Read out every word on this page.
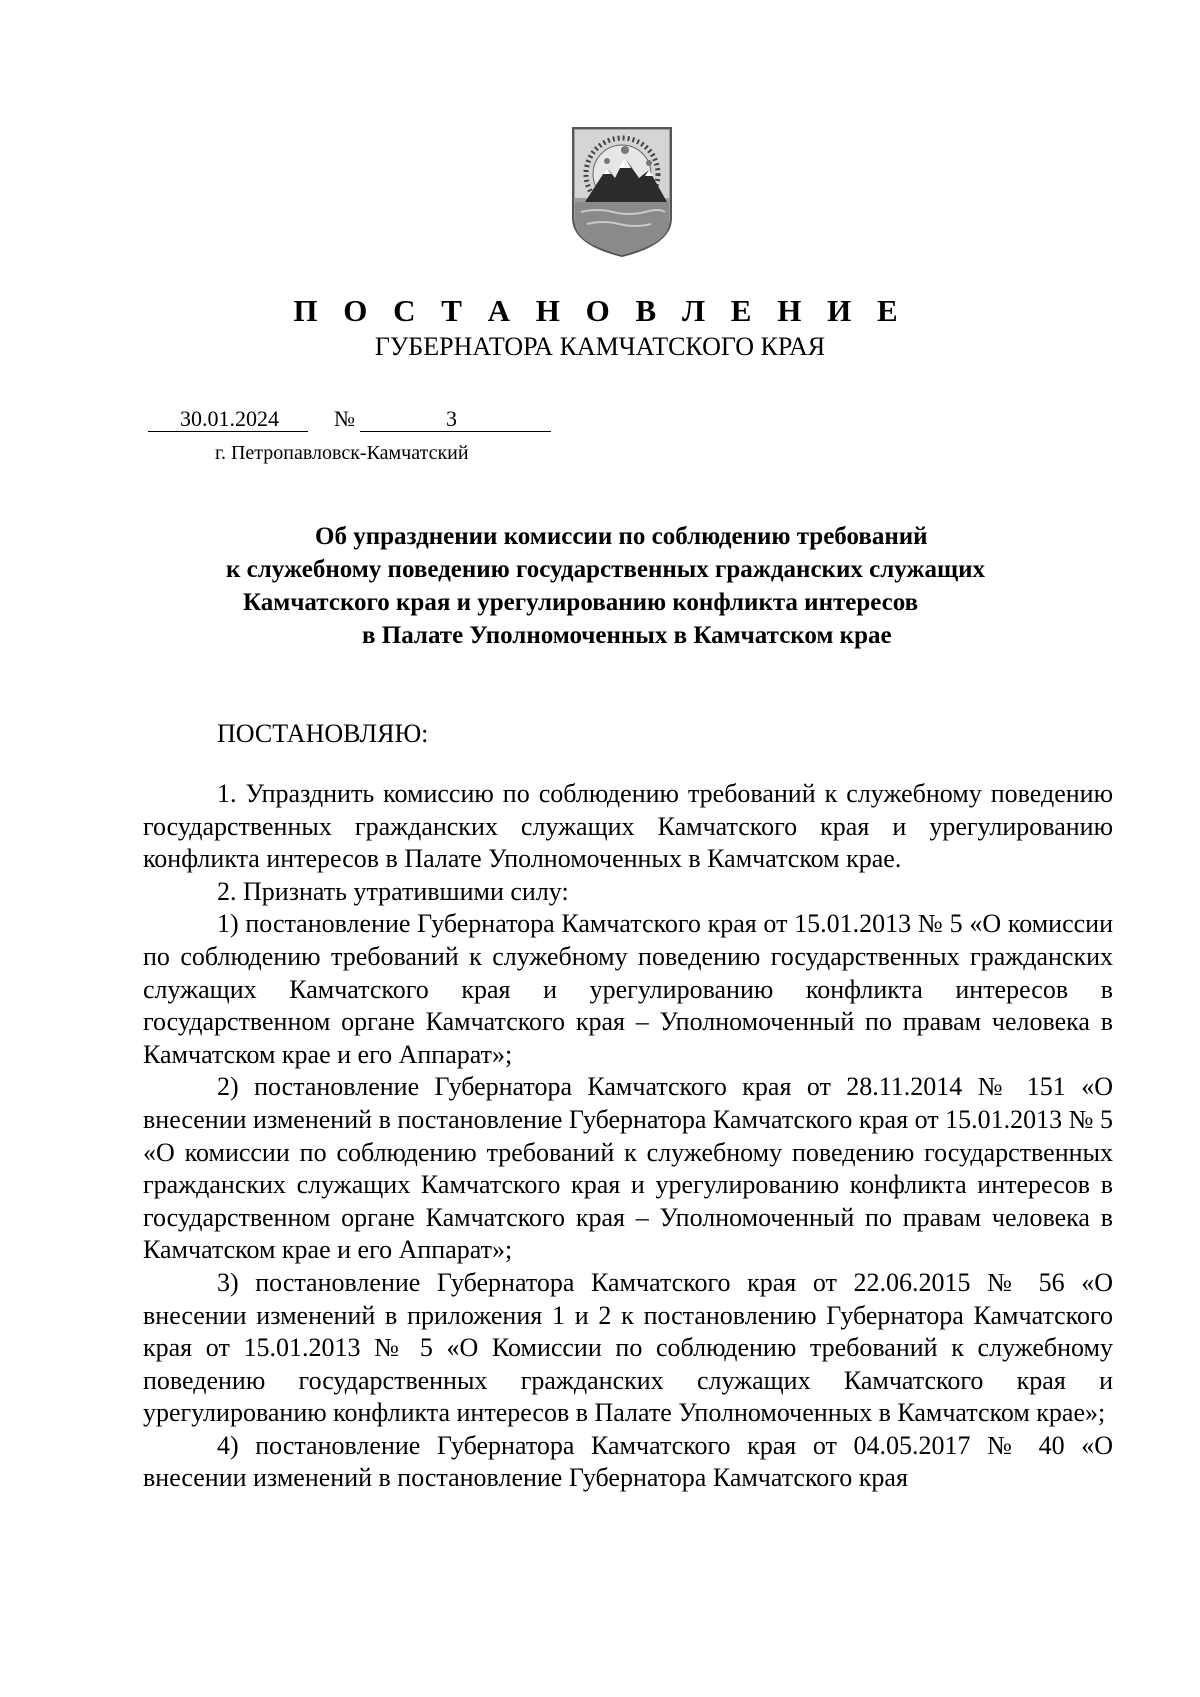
П О С Т А Н О В Л Е Н И Е
ГУБЕРНАТОРА КАМЧАТСКОГО КРАЯ
30.01.2024	№	3
г. Петропавловск-Камчатский
Об упразднении комиссии по соблюдению требований
к служебному поведению государственных гражданских служащих
Камчатского края и урегулированию конфликта интересов
в Палате Уполномоченных в Камчатском крае
ПОСТАНОВЛЯЮ:

1. Упразднить комиссию по соблюдению требований к служебному поведению государственных гражданских служащих Камчатского края и урегулированию конфликта интересов в Палате Уполномоченных в Камчатском крае.

2. Признать утратившими силу:

1) постановление Губернатора Камчатского края от 15.01.2013 № 5 «О комиссии по соблюдению требований к служебному поведению государственных гражданских служащих Камчатского края и урегулированию конфликта интересов в государственном органе Камчатского края – Уполномоченный по правам человека в Камчатском крае и его Аппарат»;

2) постановление Губернатора Камчатского края от 28.11.2014 № 151 «О внесении изменений в постановление Губернатора Камчатского края от 15.01.2013 № 5 «О комиссии по соблюдению требований к служебному поведению государственных гражданских служащих Камчатского края и урегулированию конфликта интересов в государственном органе Камчатского края – Уполномоченный по правам человека в Камчатском крае и его Аппарат»;

3) постановление Губернатора Камчатского края от 22.06.2015 № 56 «О внесении изменений в приложения 1 и 2 к постановлению Губернатора Камчатского края от 15.01.2013 № 5 «О Комиссии по соблюдению требований к служебному поведению государственных гражданских служащих Камчатского края и урегулированию конфликта интересов в Палате Уполномоченных в Камчатском крае»;

4) постановление Губернатора Камчатского края от 04.05.2017 № 40 «О внесении изменений в постановление Губернатора Камчатского края
